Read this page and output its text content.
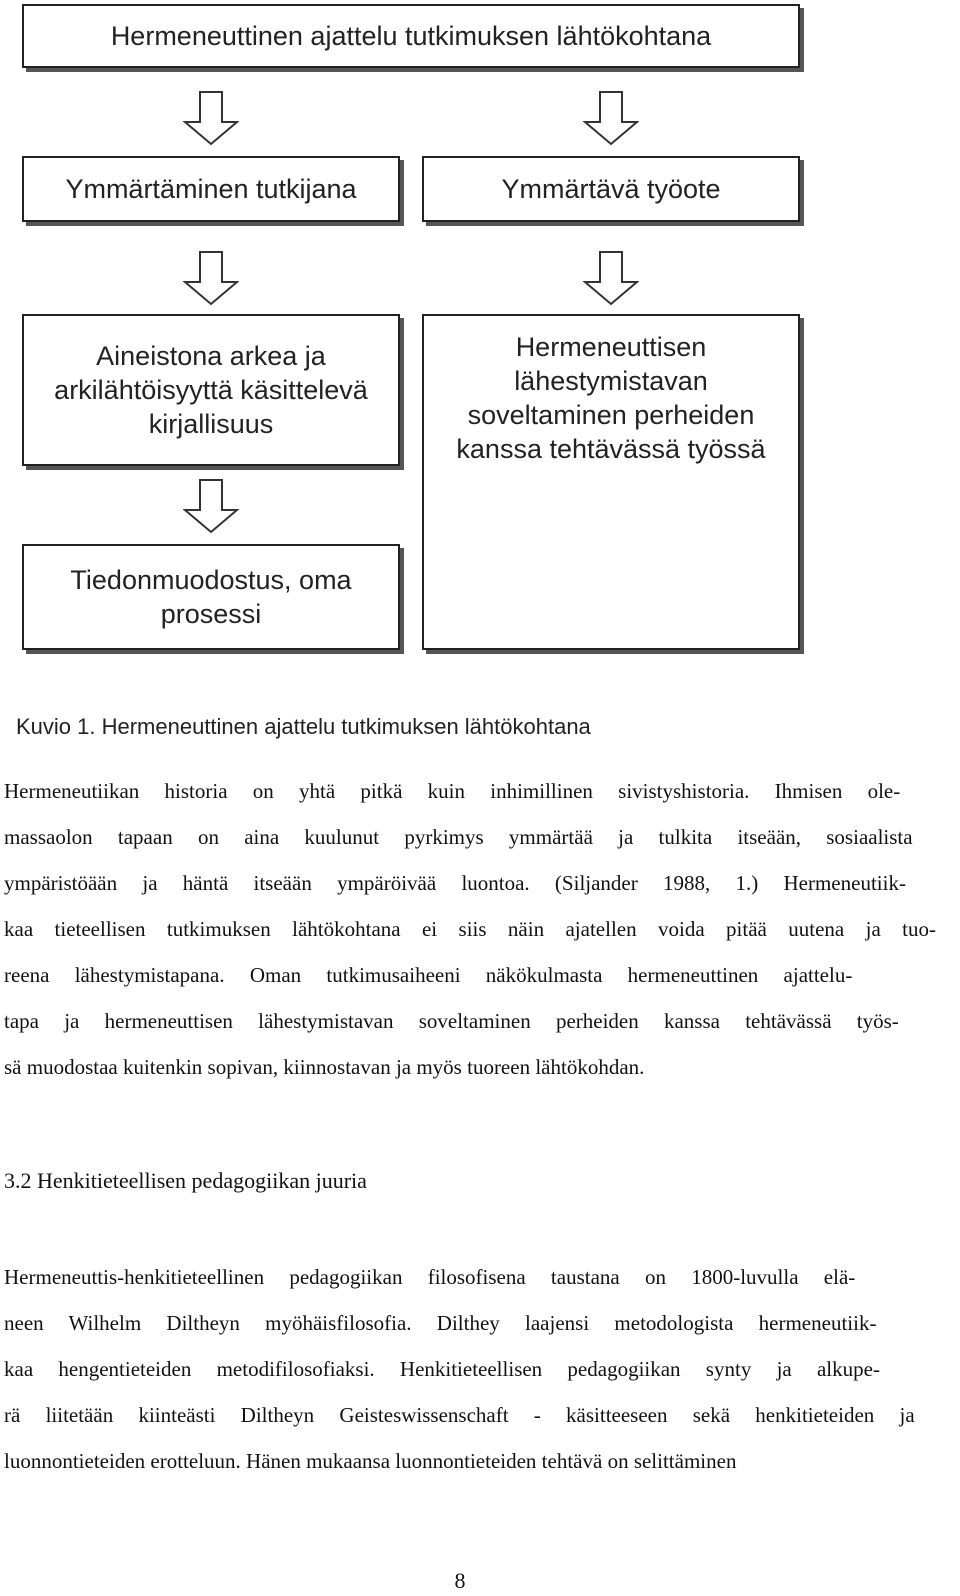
Hermeneuttinen ajattelu tutkimuksen lähtökohtana
Ymmärtäminen tutkijana	Ymmärtävä työote
Aineistona arkea ja
arkilähtöisyyttä käsittelevä
kirjallisuus
Hermeneuttisen
lähestymistavan
soveltaminen perheiden
kanssa tehtävässä työssä
Tiedonmuodostus, oma
prosessi
Kuvio 1. Hermeneuttinen ajattelu tutkimuksen lähtökohtana
Hermeneutiikan historia on yhtä pitkä kuin inhimillinen sivistyshistoria. Ihmisen ole-
massaolon tapaan on aina kuulunut pyrkimys ymmärtää ja tulkita itseään, sosiaalista
ympäristöään ja häntä itseään ympäröivää luontoa. (Siljander 1988, 1.) Hermeneutiik-
kaa tieteellisen tutkimuksen lähtökohtana ei siis näin ajatellen voida pitää uutena ja tuo-
reena lähestymistapana. Oman tutkimusaiheeni näkökulmasta hermeneuttinen ajattelu-
tapa ja hermeneuttisen lähestymistavan soveltaminen perheiden kanssa tehtävässä työs-
sä muodostaa kuitenkin sopivan, kiinnostavan ja myös tuoreen lähtökohdan.
3.2 Henkitieteellisen pedagogiikan juuria
Hermeneuttis-henkitieteellinen pedagogiikan filosofisena taustana on 1800-luvulla elä-
neen Wilhelm Diltheyn myöhäisfilosofia. Dilthey laajensi metodologista hermeneutiik-
kaa hengentieteiden metodifilosofiaksi. Henkitieteellisen pedagogiikan synty ja alkupe-
rä liitetään kiinteästi Diltheyn Geisteswissenschaft - käsitteeseen sekä henkitieteiden ja
luonnontieteiden erotteluun. Hänen mukaansa luonnontieteiden tehtävä on selittäminen
8
